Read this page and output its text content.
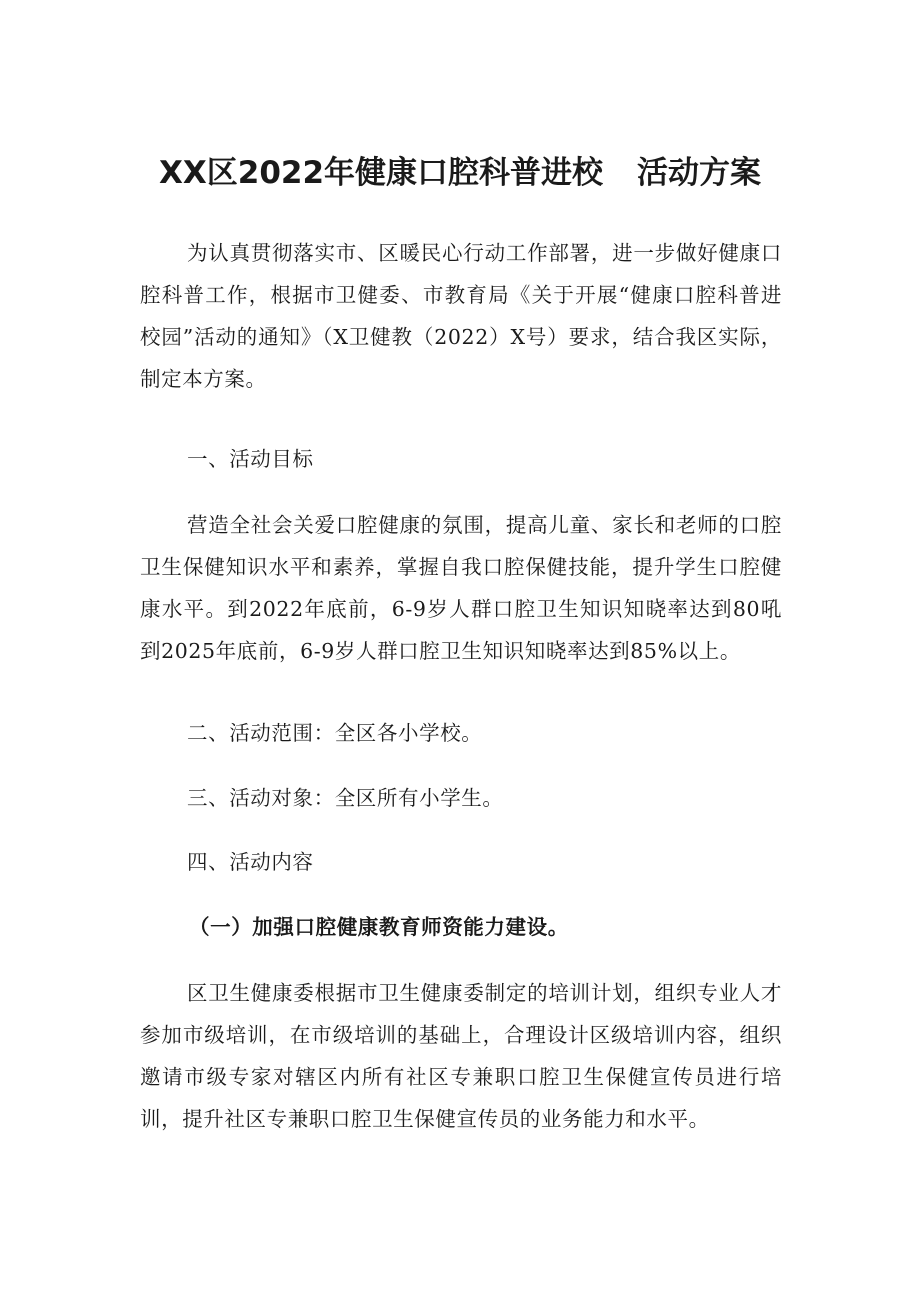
XX区2022年健康口腔科普进校 活动方案

为认真贯彻落实市、区暖民心行动工作部署，进一步做好健康口腔科普工作，根据市卫健委、市教育局《关于开展“健康口腔科普进校园”活动的通知》（X卫健教（2022）X号）要求，结合我区实际，制定本方案。

一、活动目标

营造全社会关爱口腔健康的氛围，提高儿童、家长和老师的口腔卫生保健知识水平和素养，掌握自我口腔保健技能，提升学生口腔健康水平。到2022年底前，6-9岁人群口腔卫生知识知晓率达到80吼到2025年底前，6-9岁人群口腔卫生知识知晓率达到85%以上。

二、活动范围：全区各小学校。

三、活动对象：全区所有小学生。

四、活动内容

（一）加强口腔健康教育师资能力建设。

区卫生健康委根据市卫生健康委制定的培训计划，组织专业人才参加市级培训，在市级培训的基础上，合理设计区级培训内容，组织邀请市级专家对辖区内所有社区专兼职口腔卫生保健宣传员进行培训，提升社区专兼职口腔卫生保健宣传员的业务能力和水平。
